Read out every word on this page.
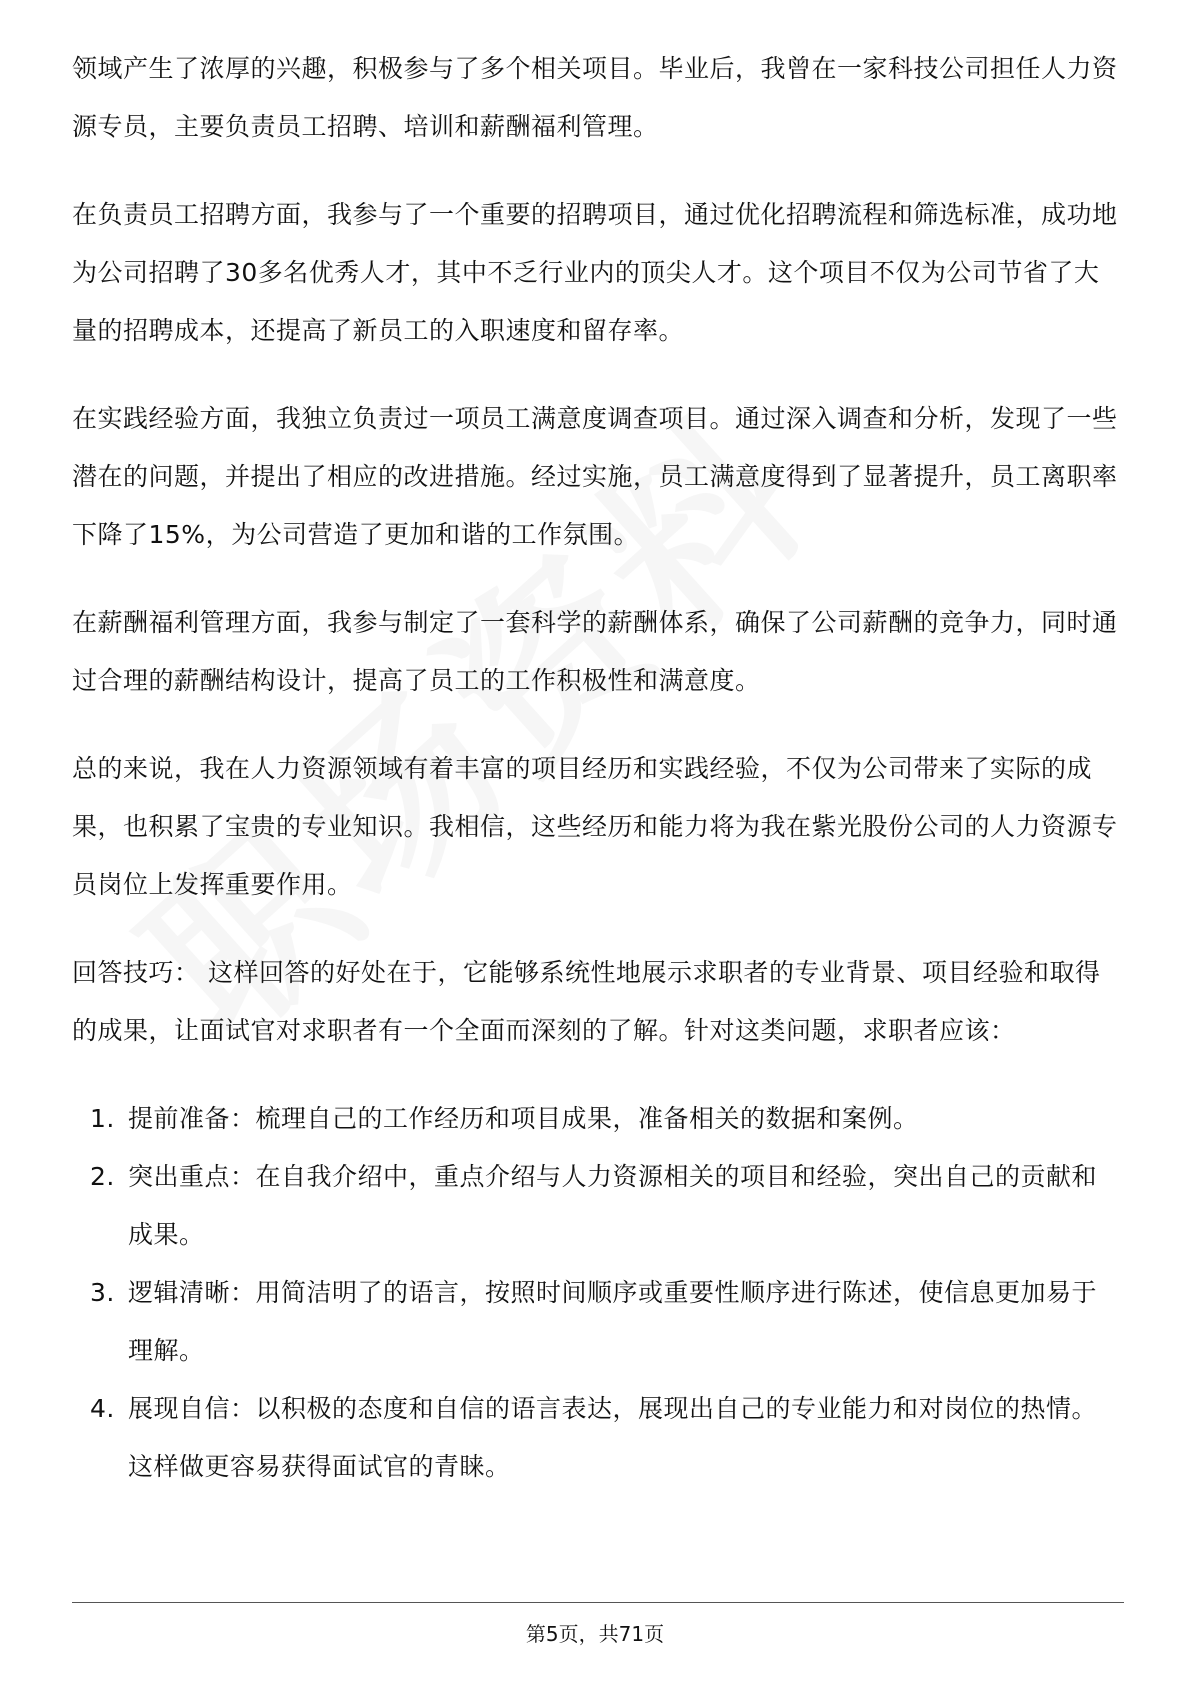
领域产生了浓厚的兴趣，积极参与了多个相关项目。毕业后，我曾在一家科技公司担任人力资源专员，主要负责员工招聘、培训和薪酬福利管理。

在负责员工招聘方面，我参与了一个重要的招聘项目，通过优化招聘流程和筛选标准，成功地为公司招聘了30多名优秀人才，其中不乏行业内的顶尖人才。这个项目不仅为公司节省了大量的招聘成本，还提高了新员工的入职速度和留存率。

在实践经验方面，我独立负责过一项员工满意度调查项目。通过深入调查和分析，发现了一些潜在的问题，并提出了相应的改进措施。经过实施，员工满意度得到了显著提升，员工离职率下降了15%，为公司营造了更加和谐的工作氛围。

在薪酬福利管理方面，我参与制定了一套科学的薪酬体系，确保了公司薪酬的竞争力，同时通过合理的薪酬结构设计，提高了员工的工作积极性和满意度。

总的来说，我在人力资源领域有着丰富的项目经历和实践经验，不仅为公司带来了实际的成果，也积累了宝贵的专业知识。我相信，这些经历和能力将为我在紫光股份公司的人力资源专员岗位上发挥重要作用。

回答技巧： 这样回答的好处在于，它能够系统性地展示求职者的专业背景、项目经验和取得的成果，让面试官对求职者有一个全面而深刻的了解。针对这类问题，求职者应该：

1. 提前准备：梳理自己的工作经历和项目成果，准备相关的数据和案例。
2. 突出重点：在自我介绍中，重点介绍与人力资源相关的项目和经验，突出自己的贡献和成果。
3. 逻辑清晰：用简洁明了的语言，按照时间顺序或重要性顺序进行陈述，使信息更加易于理解。
4. 展现自信：以积极的态度和自信的语言表达，展现出自己的专业能力和对岗位的热情。这样做更容易获得面试官的青睐。
第5页，共71页
